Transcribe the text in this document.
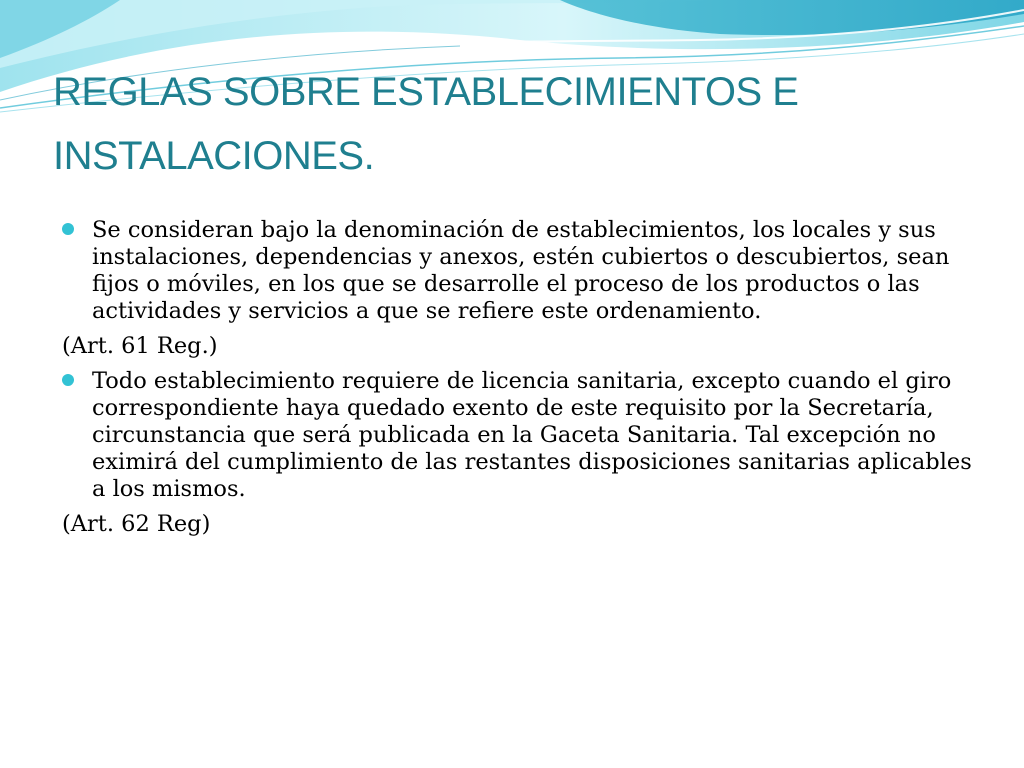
REGLAS SOBRE ESTABLECIMIENTOS E
INSTALACIONES.
Se consideran bajo la denominación de establecimientos, los locales y sus instalaciones, dependencias y anexos, estén cubiertos o descubiertos, sean fijos o móviles, en los que se desarrolle el proceso de los productos o las actividades y servicios a que se refiere este ordenamiento.
(Art. 61 Reg.)
Todo establecimiento requiere de licencia sanitaria, excepto cuando el giro correspondiente haya quedado exento de este requisito por la Secretaría, circunstancia que será publicada en la Gaceta Sanitaria. Tal excepción no eximirá del cumplimiento de las restantes disposiciones sanitarias aplicables a los mismos.
(Art. 62 Reg)
